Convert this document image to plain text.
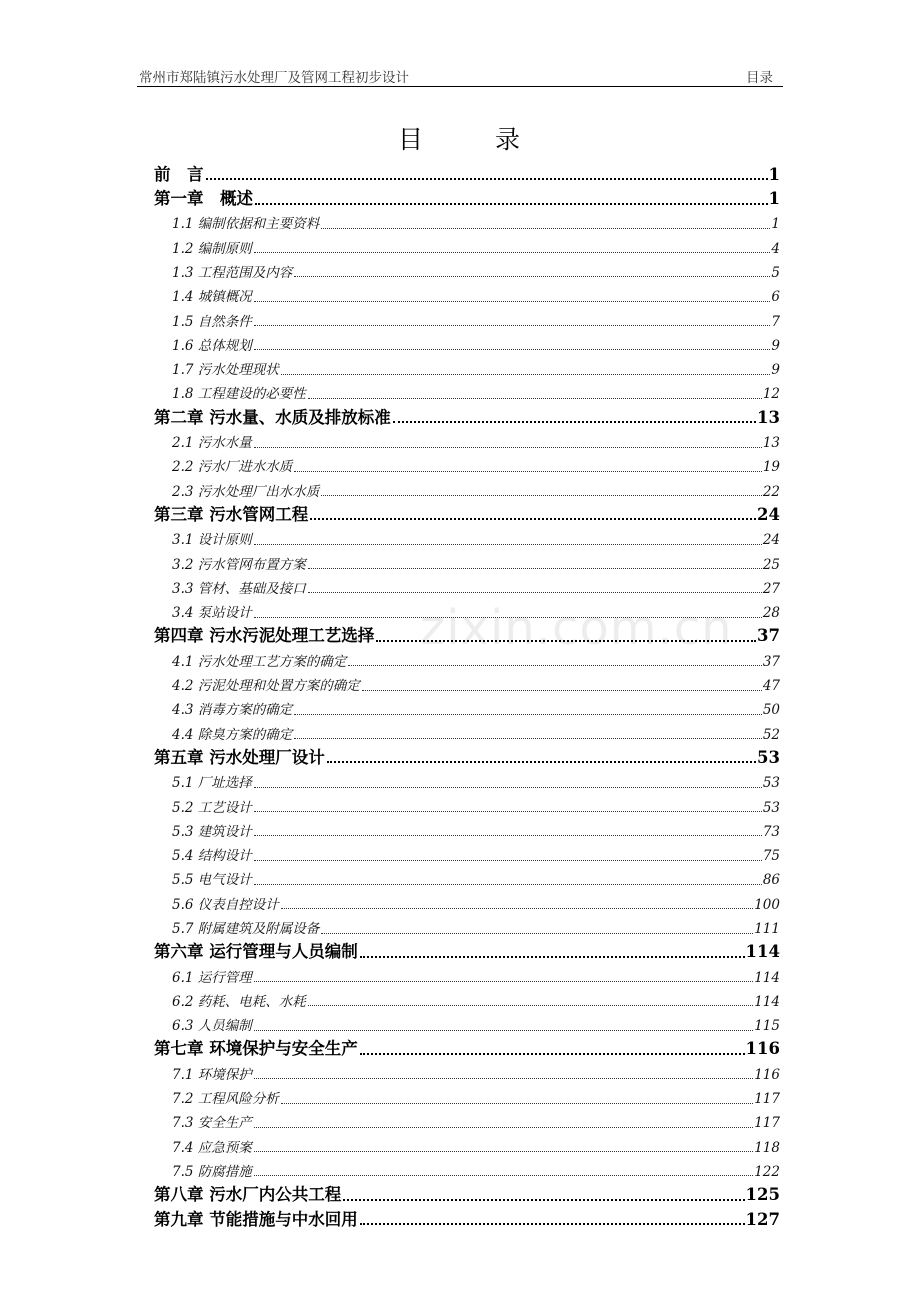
常州市郑陆镇污水处理厂及管网工程初步设计	目录
目	录
zixin.com.cn
前　言	1
第一章　概述	1
1.1 编制依据和主要资料	1
1.2 编制原则	4
1.3 工程范围及内容	5
1.4 城镇概况	6
1.5 自然条件	7
1.6 总体规划	9
1.7 污水处理现状	9
1.8 工程建设的必要性	12
第二章 污水量、水质及排放标准	13
2.1 污水水量	13
2.2 污水厂进水水质	19
2.3 污水处理厂出水水质	22
第三章 污水管网工程	24
3.1 设计原则	24
3.2 污水管网布置方案	25
3.3 管材、基础及接口	27
3.4 泵站设计	28
第四章 污水污泥处理工艺选择	37
4.1 污水处理工艺方案的确定	37
4.2 污泥处理和处置方案的确定	47
4.3 消毒方案的确定	50
4.4 除臭方案的确定	52
第五章 污水处理厂设计	53
5.1 厂址选择	53
5.2 工艺设计	53
5.3 建筑设计	73
5.4 结构设计	75
5.5 电气设计	86
5.6 仪表自控设计	100
5.7 附属建筑及附属设备	111
第六章 运行管理与人员编制	114
6.1 运行管理	114
6.2 药耗、电耗、水耗	114
6.3 人员编制	115
第七章 环境保护与安全生产	116
7.1 环境保护	116
7.2 工程风险分析	117
7.3 安全生产	117
7.4 应急预案	118
7.5 防腐措施	122
第八章 污水厂内公共工程	125
第九章 节能措施与中水回用	127
